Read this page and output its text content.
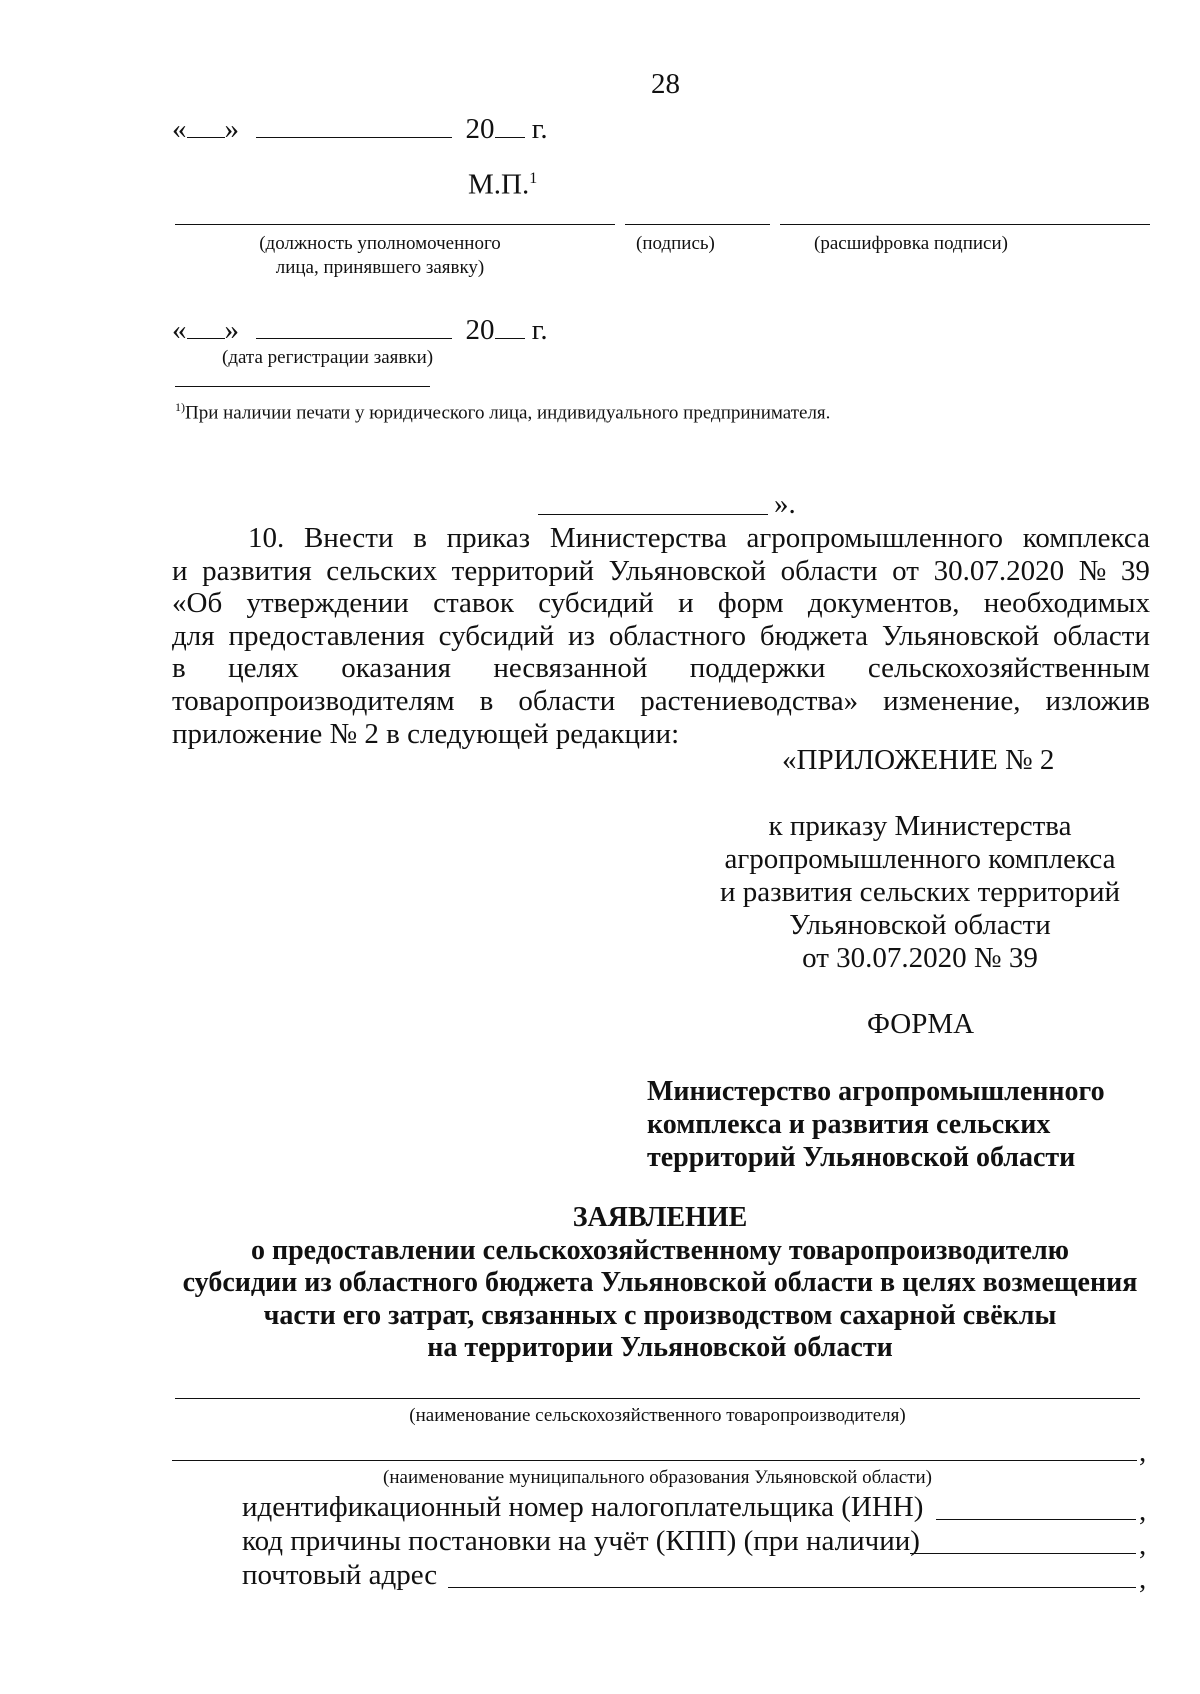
28
« »	20 г.
М.П.$^1$
(должность уполномоченного
лица, принявшего заявку)
(подпись)	(расшифровка подписи)
« »	20 г.
(дата регистрации заявки)
$^{1)}$При наличии печати у юридического лица, индивидуального предпринимателя.
».
10. Внести в приказ Министерства агропромышленного комплекса
и развития сельских территорий Ульяновской области от 30.07.2020 № 39
«Об утверждении ставок субсидий и форм документов, необходимых
для предоставления субсидий из областного бюджета Ульяновской области
в целях оказания несвязанной поддержки сельскохозяйственным
товаропроизводителям в области растениеводства» изменение, изложив
приложение № 2 в следующей редакции:
«ПРИЛОЖЕНИЕ № 2
к приказу Министерства
агропромышленного комплекса
и развития сельских территорий
Ульяновской области
от 30.07.2020 № 39
ФОРМА
Министерство агропромышленного
комплекса и развития сельских
территорий Ульяновской области
ЗАЯВЛЕНИЕ
о предоставлении сельскохозяйственному товаропроизводителю
субсидии из областного бюджета Ульяновской области в целях возмещения
части его затрат, связанных с производством сахарной свёклы
на территории Ульяновской области
(наименование сельскохозяйственного товаропроизводителя)
,
(наименование муниципального образования Ульяновской области)
идентификационный номер налогоплательщика (ИНН)	,
код причины постановки на учёт (КПП) (при наличии)	,
почтовый адрес	,
